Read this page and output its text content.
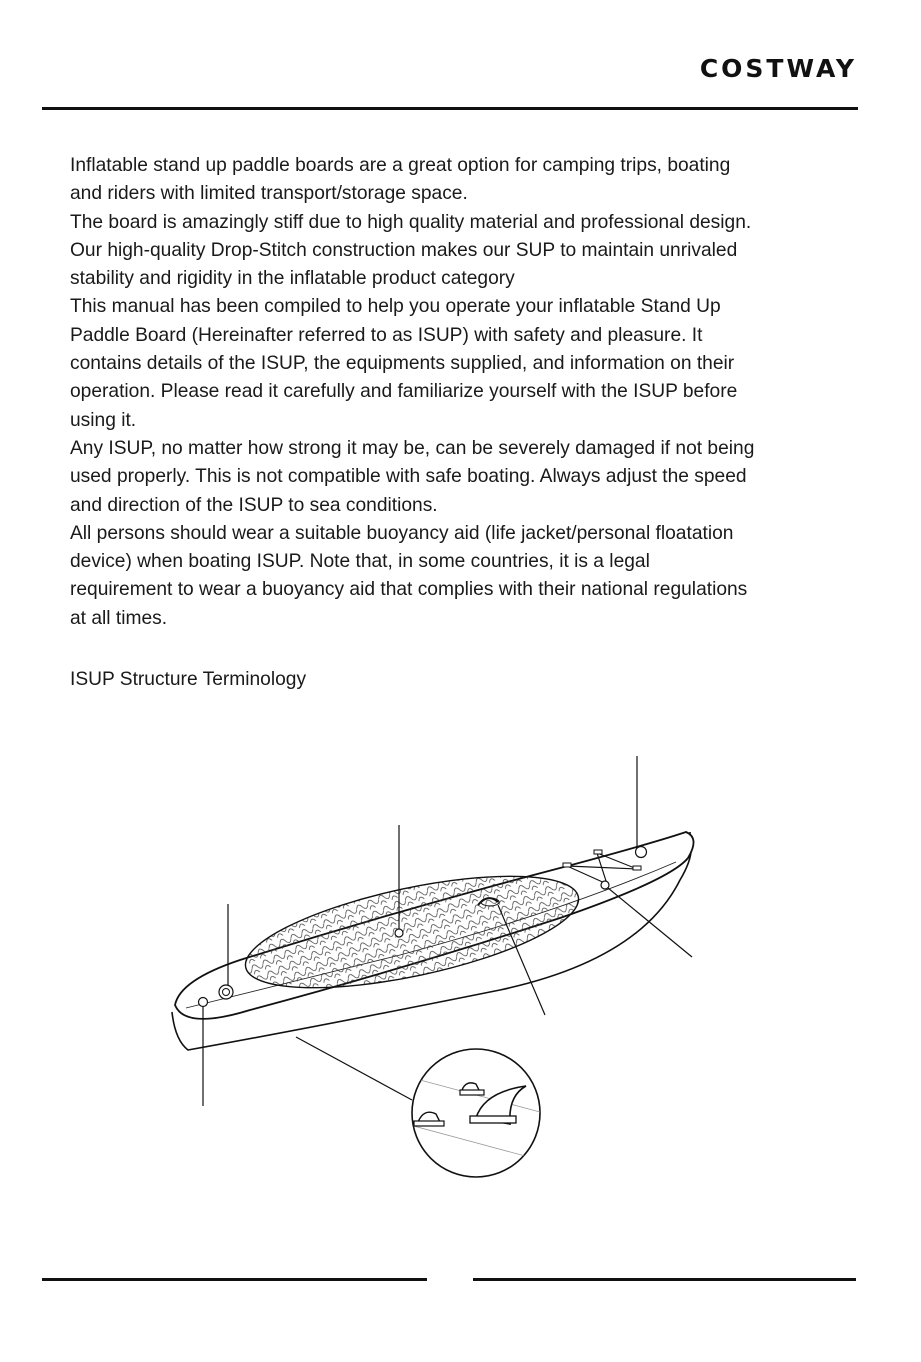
COSTWAY

Inflatable stand up paddle boards are a great option for camping trips, boating
and riders with limited transport/storage space.
The board is amazingly stiff due to high quality material and professional design.
Our high-quality Drop-Stitch construction makes our SUP to maintain unrivaled
stability and rigidity in the inflatable product category
This manual has been compiled to help you operate your inflatable Stand Up
Paddle Board (Hereinafter referred to as ISUP) with safety and pleasure. It
contains details of the ISUP, the equipments supplied, and information on their
operation. Please read it carefully and familiarize yourself with the ISUP before
using it.
Any ISUP, no matter how strong it may be, can be severely damaged if not being
used properly. This is not compatible with safe boating. Always adjust the speed
and direction of the ISUP to sea conditions.
All persons should wear a suitable buoyancy aid (life jacket/personal floatation
device) when boating ISUP. Note that, in some countries, it is a legal
requirement to wear a buoyancy aid that complies with their national regulations
at all times.

ISUP Structure Terminology
